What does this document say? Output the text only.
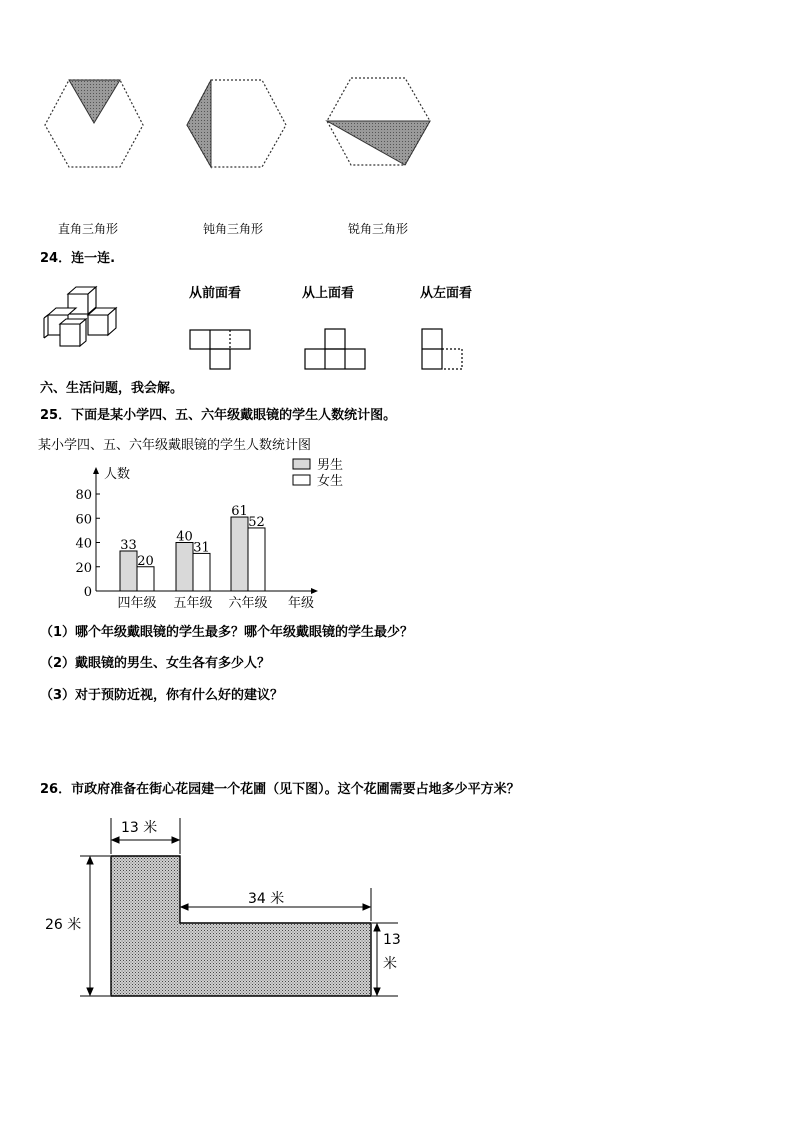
直角三角形	钝角三角形	锐角三角形
24．连一连.
从前面看	从上面看	从左面看
六、生活问题，我会解。
25．下面是某小学四、五、六年级戴眼镜的学生人数统计图。
某小学四、五、六年级戴眼镜的学生人数统计图
0
20
40
60
80
人数
33
20
四年级
40
31
五年级
61
52
六年级 年级
男生
女生
（1）哪个年级戴眼镜的学生最多？哪个年级戴眼镜的学生最少？
（2）戴眼镜的男生、女生各有多少人？
（3）对于预防近视，你有什么好的建议？
26．市政府准备在街心花园建一个花圃（见下图）。这个花圃需要占地多少平方米？
13 米
34 米
26 米
13
米
